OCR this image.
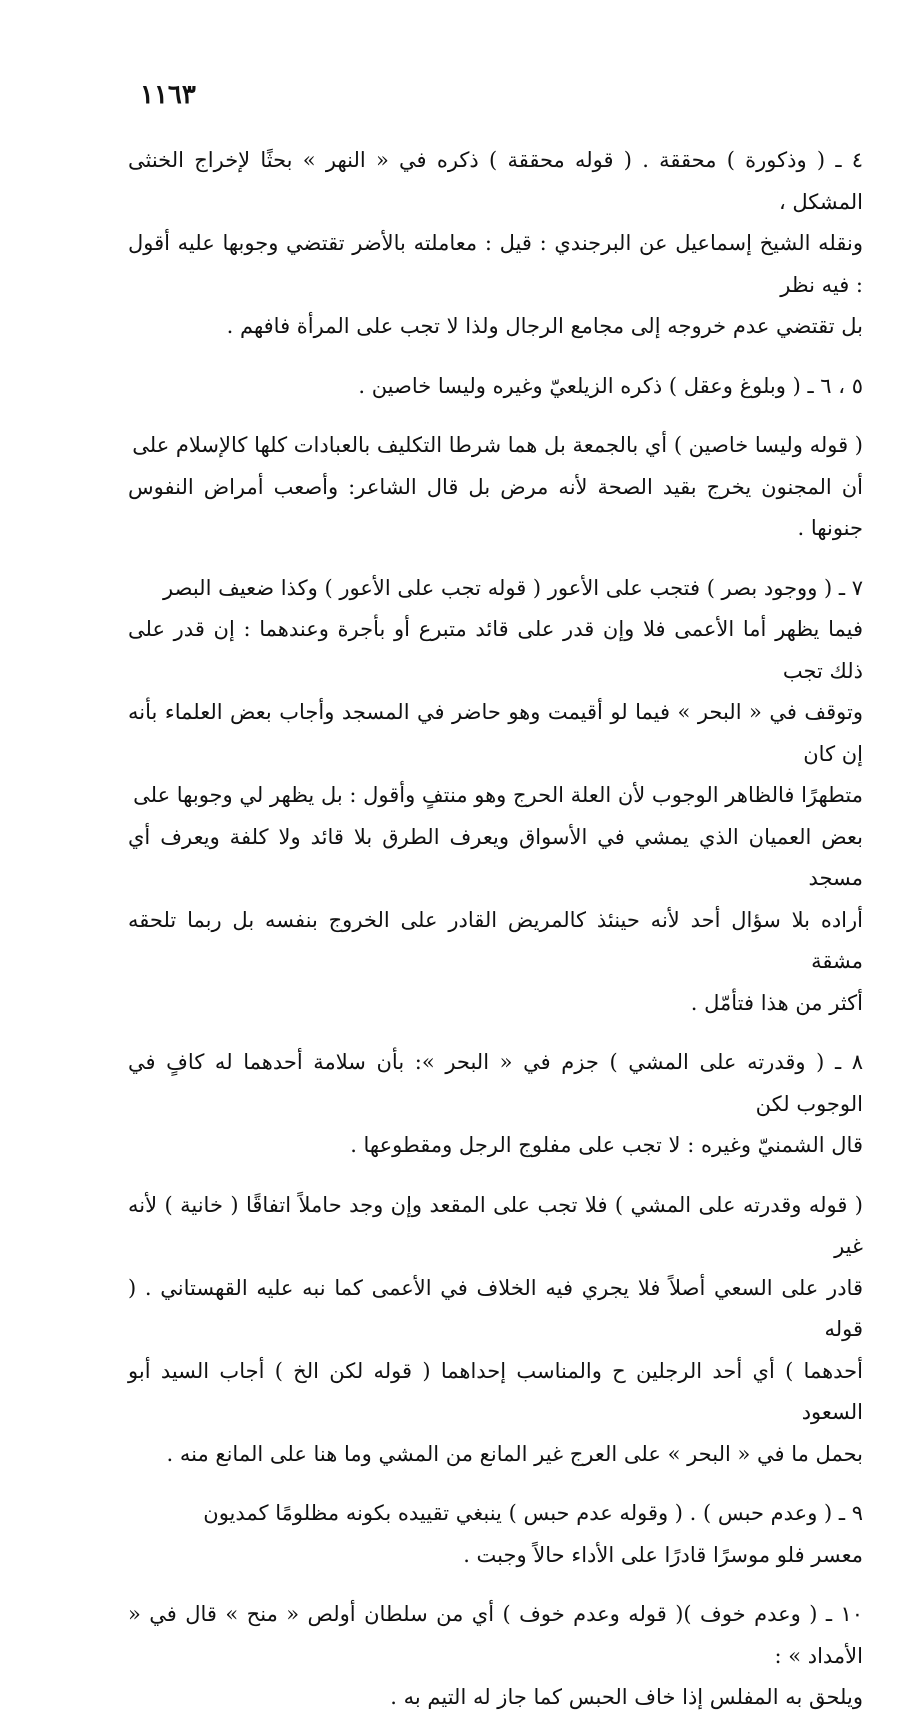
١١٦٣

٤ ـ ( وذكورة ) محققة . ( قوله محققة ) ذكره في « النهر » بحثًا لإخراج الخنثى المشكل ،
ونقله الشيخ إسماعيل عن البرجندي : قيل : معاملته بالأضر تقتضي وجوبها عليه أقول : فيه نظر
بل تقتضي عدم خروجه إلى مجامع الرجال ولذا لا تجب على المرأة فافهم .

٥ ، ٦ ـ ( وبلوغ وعقل ) ذكره الزيلعيّ وغيره وليسا خاصين .

( قوله وليسا خاصين ) أي بالجمعة بل هما شرطا التكليف بالعبادات كلها كالإسلام على
أن المجنون يخرج بقيد الصحة لأنه مرض بل قال الشاعر: وأصعب أمراض النفوس جنونها .

٧ ـ ( ووجود بصر ) فتجب على الأعور ( قوله تجب على الأعور ) وكذا ضعيف البصر
فيما يظهر أما الأعمى فلا وإن قدر على قائد متبرع أو بأجرة وعندهما : إن قدر على ذلك تجب
وتوقف في « البحر » فيما لو أقيمت وهو حاضر في المسجد وأجاب بعض العلماء بأنه إن كان
متطهرًا فالظاهر الوجوب لأن العلة الحرج وهو منتفٍ وأقول : بل يظهر لي وجوبها على
بعض العميان الذي يمشي في الأسواق ويعرف الطرق بلا قائد ولا كلفة ويعرف أي مسجد
أراده بلا سؤال أحد لأنه حينئذ كالمريض القادر على الخروج بنفسه بل ربما تلحقه مشقة
أكثر من هذا فتأمّل .

٨ ـ ( وقدرته على المشي ) جزم في « البحر »: بأن سلامة أحدهما له كافٍ في الوجوب لكن
قال الشمنيّ وغيره : لا تجب على مفلوج الرجل ومقطوعها .

( قوله وقدرته على المشي ) فلا تجب على المقعد وإن وجد حاملاً اتفاقًا ( خانية ) لأنه غير
قادر على السعي أصلاً فلا يجري فيه الخلاف في الأعمى كما نبه عليه القهستاني . ( قوله
أحدهما ) أي أحد الرجلين ح والمناسب إحداهما ( قوله لكن الخ ) أجاب السيد أبو السعود
بحمل ما في « البحر » على العرج غير المانع من المشي وما هنا على المانع منه .

٩ ـ ( وعدم حبس ) . ( وقوله عدم حبس ) ينبغي تقييده بكونه مظلومًا كمديون
معسر فلو موسرًا قادرًا على الأداء حالاً وجبت .

١٠ ـ ( وعدم خوف )( قوله وعدم خوف ) أي من سلطان أولص « منح » قال في « الأمداد » :
ويلحق به المفلس إذا خاف الحبس كما جاز له التيم به .
